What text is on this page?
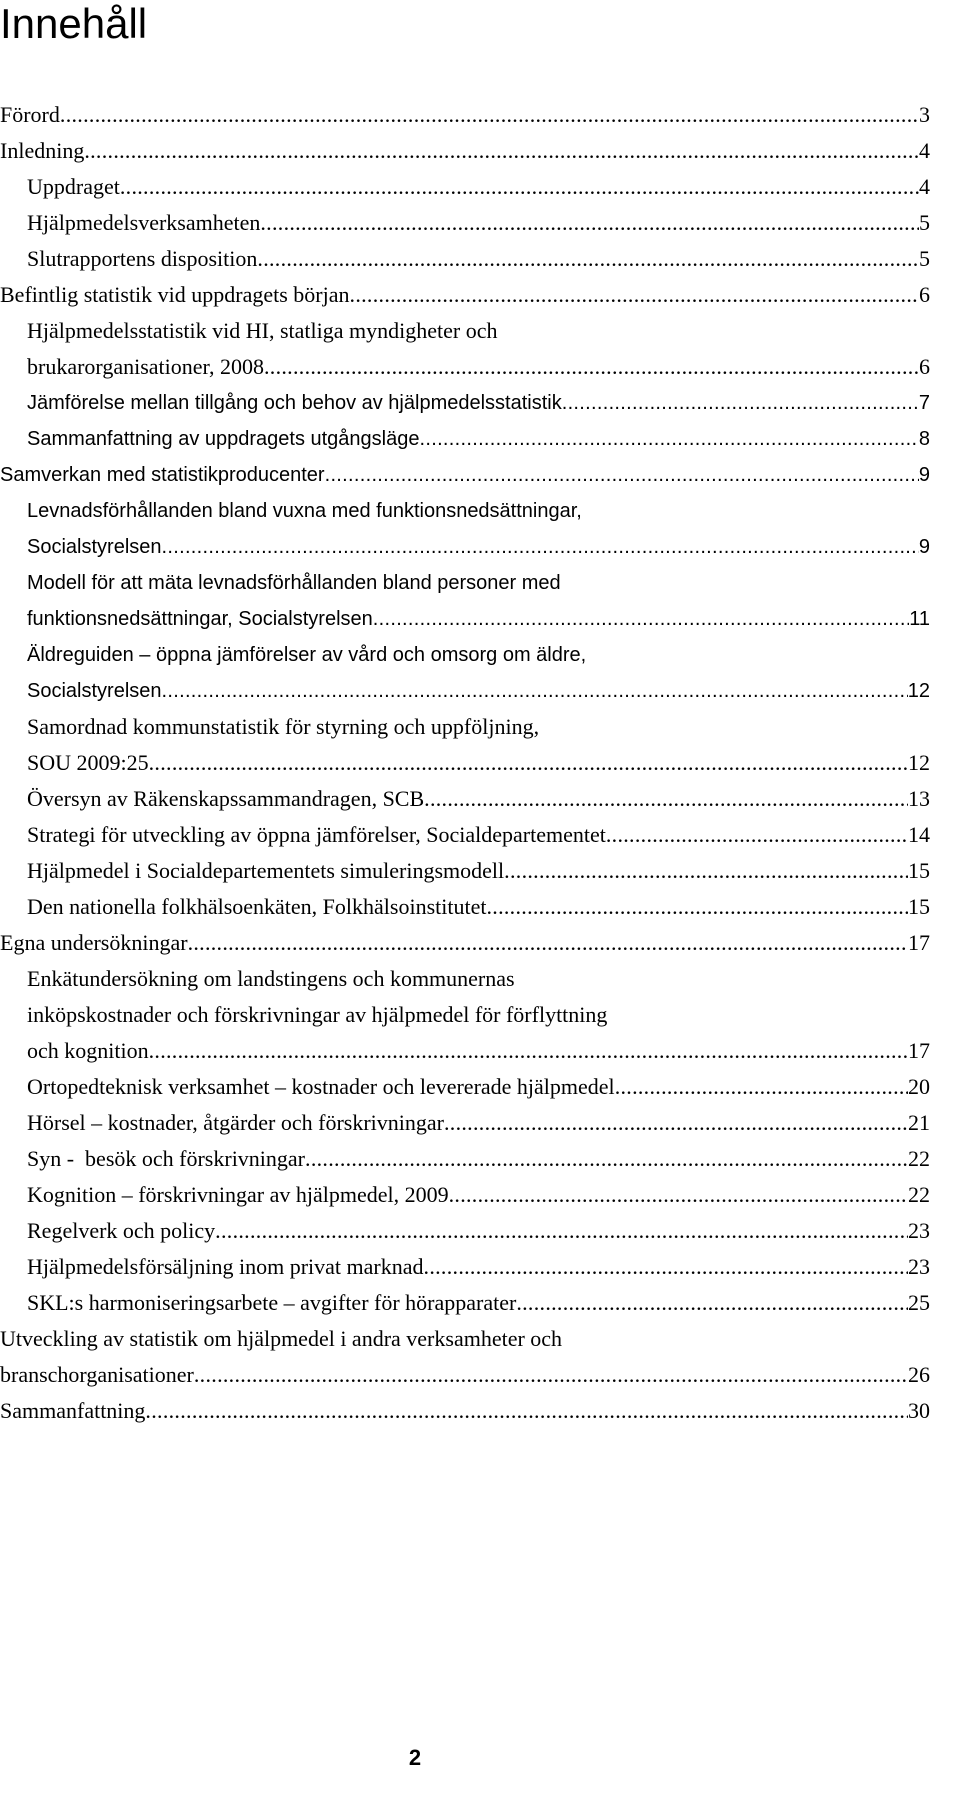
Innehåll
Förord .....	3
Inledning .....	4
Uppdraget .....	4
Hjälpmedelsverksamheten .....	5
Slutrapportens disposition .....	5
Befintlig statistik vid uppdragets början .....	6
Hjälpmedelsstatistik vid HI, statliga myndigheter och
brukarorganisationer, 2008 .....	6
Jämförelse mellan tillgång och behov av hjälpmedelsstatistik .....	7
Sammanfattning av uppdragets utgångsläge .....	8
Samverkan med statistikproducenter .....	9
Levnadsförhållanden bland vuxna med funktionsnedsättningar,
Socialstyrelsen .....	9
Modell för att mäta levnadsförhållanden bland personer med
funktionsnedsättningar, Socialstyrelsen .....	11
Äldreguiden – öppna jämförelser av vård och omsorg om äldre,
Socialstyrelsen .....	12
Samordnad kommunstatistik för styrning och uppföljning,
SOU 2009:25 .....	12
Översyn av Räkenskapssammandragen, SCB .....	13
Strategi för utveckling av öppna jämförelser, Socialdepartementet .....	14
Hjälpmedel i Socialdepartementets simuleringsmodell .....	15
Den nationella folkhälsoenkäten, Folkhälsoinstitutet .....	15
Egna undersökningar .....	17
Enkätundersökning om landstingens och kommunernas
inköpskostnader och förskrivningar av hjälpmedel för förflyttning
och kognition .....	17
Ortopedteknisk verksamhet – kostnader och levererade hjälpmedel .....	20
Hörsel – kostnader, åtgärder och förskrivningar .....	21
Syn -  besök och förskrivningar .....	22
Kognition – förskrivningar av hjälpmedel, 2009 .....	22
Regelverk och policy .....	23
Hjälpmedelsförsäljning inom privat marknad .....	23
SKL:s harmoniseringsarbete – avgifter för hörapparater .....	25
Utveckling av statistik om hjälpmedel i andra verksamheter och
branschorganisationer .....	26
Sammanfattning .....	30
2
